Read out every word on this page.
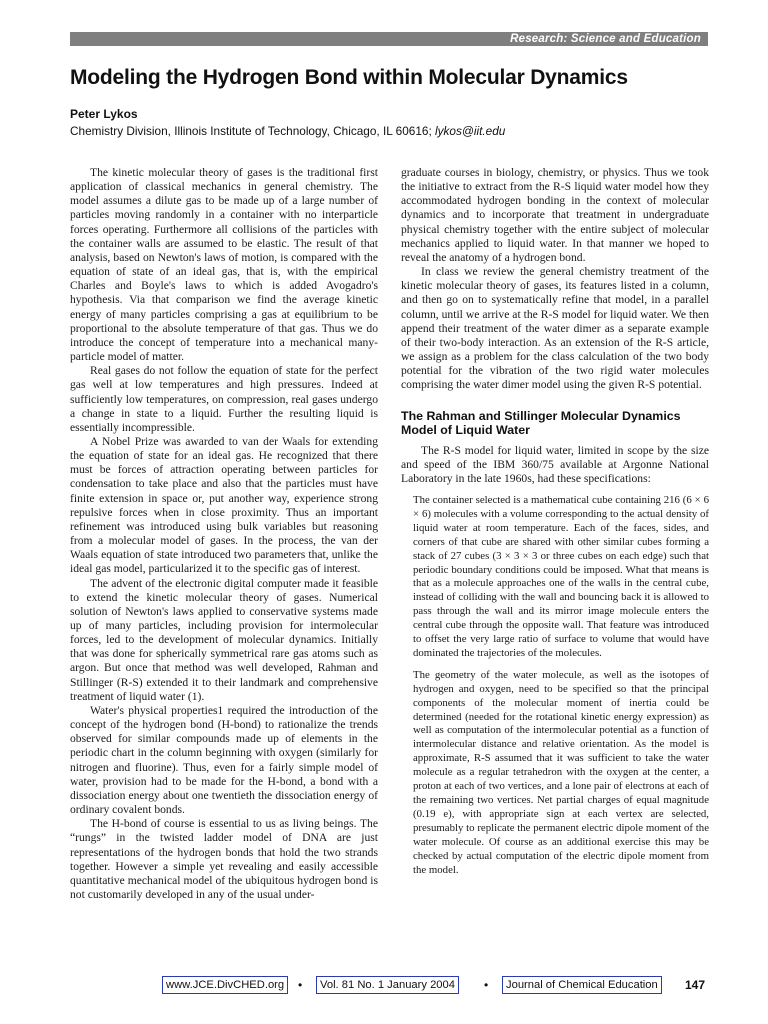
Research: Science and Education
Modeling the Hydrogen Bond within Molecular Dynamics
Peter Lykos
Chemistry Division, Illinois Institute of Technology, Chicago, IL 60616; lykos@iit.edu

The kinetic molecular theory of gases is the traditional first application of classical mechanics in general chemistry. The model assumes a dilute gas to be made up of a large number of particles moving randomly in a container with no interparticle forces operating. Furthermore all collisions of the particles with the container walls are assumed to be elastic. The result of that analysis, based on Newton's laws of motion, is compared with the equation of state of an ideal gas, that is, with the empirical Charles and Boyle's laws to which is added Avogadro's hypothesis. Via that comparison we find the average kinetic energy of many particles comprising a gas at equilibrium to be proportional to the absolute temperature of that gas. Thus we do introduce the concept of temperature into a mechanical many-particle model of matter.

Real gases do not follow the equation of state for the perfect gas well at low temperatures and high pressures. Indeed at sufficiently low temperatures, on compression, real gases undergo a change in state to a liquid. Further the resulting liquid is essentially incompressible.

A Nobel Prize was awarded to van der Waals for extending the equation of state for an ideal gas. He recognized that there must be forces of attraction operating between particles for condensation to take place and also that the particles must have finite extension in space or, put another way, experience strong repulsive forces when in close proximity. Thus an important refinement was introduced using bulk variables but reasoning from a molecular model of gases. In the process, the van der Waals equation of state introduced two parameters that, unlike the ideal gas model, particularized it to the specific gas of interest.

The advent of the electronic digital computer made it feasible to extend the kinetic molecular theory of gases. Numerical solution of Newton's laws applied to conservative systems made up of many particles, including provision for intermolecular forces, led to the development of molecular dynamics. Initially that was done for spherically symmetrical rare gas atoms such as argon. But once that method was well developed, Rahman and Stillinger (R-S) extended it to their landmark and comprehensive treatment of liquid water (1).

Water's physical properties1 required the introduction of the concept of the hydrogen bond (H-bond) to rationalize the trends observed for similar compounds made up of elements in the periodic chart in the column beginning with oxygen (similarly for nitrogen and fluorine). Thus, even for a fairly simple model of water, provision had to be made for the H-bond, a bond with a dissociation energy about one twentieth the dissociation energy of ordinary covalent bonds.

The H-bond of course is essential to us as living beings. The “rungs” in the twisted ladder model of DNA are just representations of the hydrogen bonds that hold the two strands together. However a simple yet revealing and easily accessible quantitative mechanical model of the ubiquitous hydrogen bond is not customarily developed in any of the usual under-

graduate courses in biology, chemistry, or physics. Thus we took the initiative to extract from the R-S liquid water model how they accommodated hydrogen bonding in the context of molecular dynamics and to incorporate that treatment in undergraduate physical chemistry together with the entire subject of molecular mechanics applied to liquid water. In that manner we hoped to reveal the anatomy of a hydrogen bond.

In class we review the general chemistry treatment of the kinetic molecular theory of gases, its features listed in a column, and then go on to systematically refine that model, in a parallel column, until we arrive at the R-S model for liquid water. We then append their treatment of the water dimer as a separate example of their two-body interaction. As an extension of the R-S article, we assign as a problem for the class calculation of the two body potential for the vibration of the two rigid water molecules comprising the water dimer model using the given R-S potential.

The Rahman and Stillinger Molecular Dynamics Model of Liquid Water

The R-S model for liquid water, limited in scope by the size and speed of the IBM 360/75 available at Argonne National Laboratory in the late 1960s, had these specifications:

The container selected is a mathematical cube containing 216 (6 × 6 × 6) molecules with a volume corresponding to the actual density of liquid water at room temperature. Each of the faces, sides, and corners of that cube are shared with other similar cubes forming a stack of 27 cubes (3 × 3 × 3 or three cubes on each edge) such that periodic boundary conditions could be imposed. What that means is that as a molecule approaches one of the walls in the central cube, instead of colliding with the wall and bouncing back it is allowed to pass through the wall and its mirror image molecule enters the central cube through the opposite wall. That feature was introduced to offset the very large ratio of surface to volume that would have dominated the trajectories of the molecules.

The geometry of the water molecule, as well as the isotopes of hydrogen and oxygen, need to be specified so that the principal components of the molecular moment of inertia could be determined (needed for the rotational kinetic energy expression) as well as computation of the intermolecular potential as a function of intermolecular distance and relative orientation. As the model is approximate, R-S assumed that it was sufficient to take the water molecule as a regular tetrahedron with the oxygen at the center, a proton at each of two vertices, and a lone pair of electrons at each of the remaining two vertices. Net partial charges of equal magnitude (0.19 e), with appropriate sign at each vertex are selected, presumably to replicate the permanent electric dipole moment of the water molecule. Of course as an additional exercise this may be checked by actual computation of the electric dipole moment from the model.

www.JCE.DivCHED.org	•	Vol. 81 No. 1 January 2004	•	Journal of Chemical Education	147
